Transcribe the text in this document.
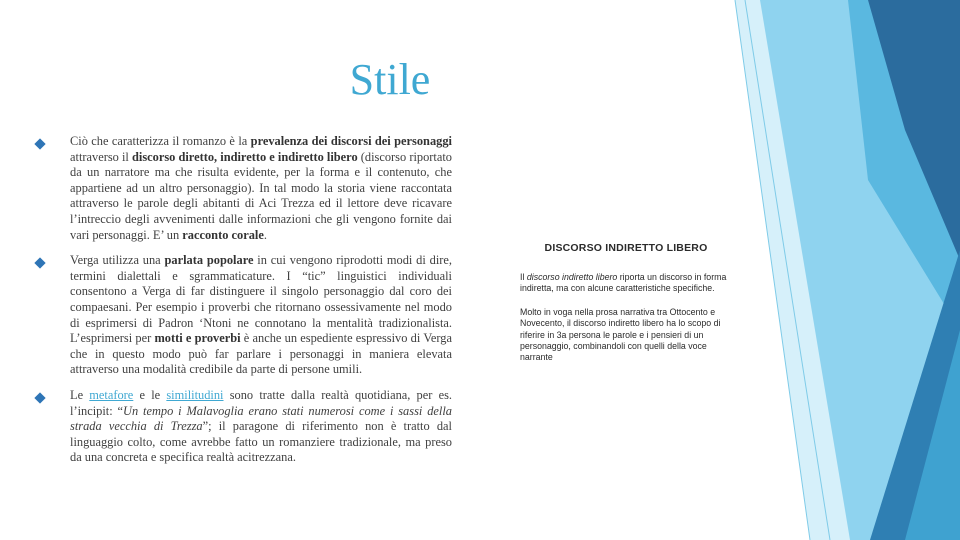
Stile

Ciò che caratterizza il romanzo è la prevalenza dei discorsi dei personaggi attraverso il discorso diretto, indiretto e indiretto libero (discorso riportato da un narratore ma che risulta evidente, per la forma e il contenuto, che appartiene ad un altro personaggio). In tal modo la storia viene raccontata attraverso le parole degli abitanti di Aci Trezza ed il lettore deve ricavare l’intreccio degli avvenimenti dalle informazioni che gli vengono fornite dai vari personaggi. E’ un racconto corale.

Verga utilizza una parlata popolare in cui vengono riprodotti modi di dire, termini dialettali e sgrammaticature. I “tic” linguistici individuali consentono a Verga di far distinguere il singolo personaggio dal coro dei compaesani. Per esempio i proverbi che ritornano ossessivamente nel modo di esprimersi di Padron ‘Ntoni ne connotano la mentalità tradizionalista. L’esprimersi per motti e proverbi è anche un espediente espressivo di Verga che in questo modo può far parlare i personaggi in maniera elevata attraverso una modalità credibile da parte di persone umili.

Le metafore e le similitudini sono tratte dalla realtà quotidiana, per es. l’incipit: “Un tempo i Malavoglia erano stati numerosi come i sassi della strada vecchia di Trezza”; il paragone di riferimento non è tratto dal linguaggio colto, come avrebbe fatto un romanziere tradizionale, ma preso da una concreta e specifica realtà acitrezzana.

DISCORSO INDIRETTO LIBERO

Il discorso indiretto libero riporta un discorso in forma indiretta, ma con alcune caratteristiche specifiche.

Molto in voga nella prosa narrativa tra Ottocento e Novecento, il discorso indiretto libero ha lo scopo di riferire in 3a persona le parole e i pensieri di un personaggio, combinandoli con quelli della voce narrante
